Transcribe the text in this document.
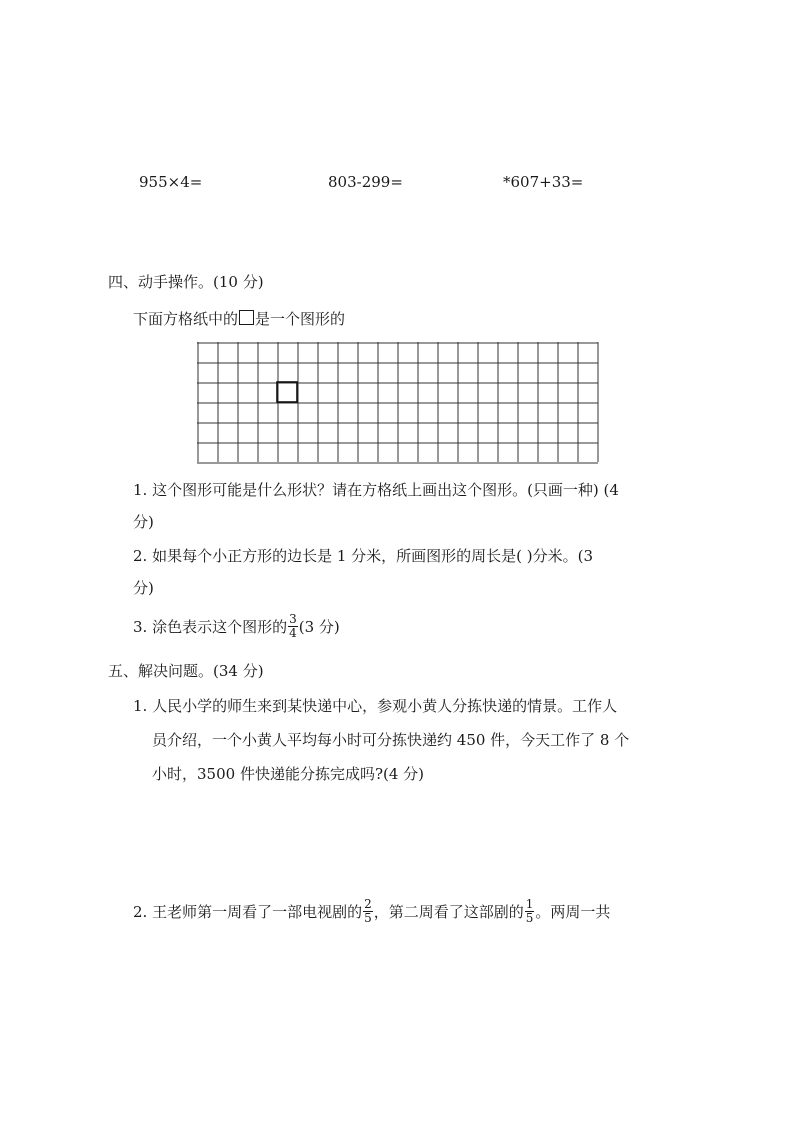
955×4=	803-299=	*607+33=
四、动手操作。(10 分)
下面方格纸中的 是一个图形的
1. 这个图形可能是什么形状？请在方格纸上画出这个图形。(只画一种) (4
分)
2. 如果每个小正方形的边长是 1 分米，所画图形的周长是( )分米。(3
分)
3. 涂色表示这个图形的 $\frac{3}{4} (3$ 分)
五、解决问题。(34 分)
1. 人民小学的师生来到某快递中心，参观小黄人分拣快递的情景。工作人
员介绍，一个小黄人平均每小时可分拣快递约 450 件，今天工作了 8 个
小时，3500 件快递能分拣完成吗?(4 分)
2. 王老师第一周看了一部电视剧的 $\frac{2}{5}$ ，第二周看了这部剧的 $\frac{1}{5}$ 。两周一共
